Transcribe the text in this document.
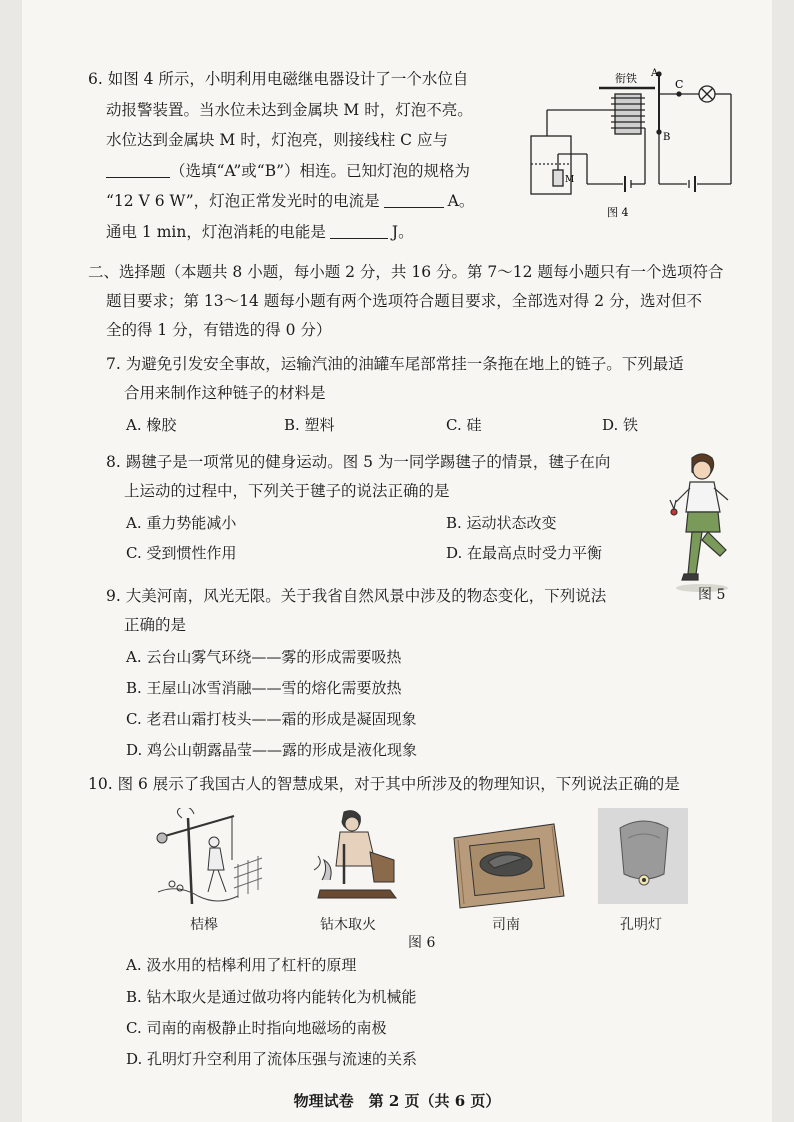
6. 如图 4 所示，小明利用电磁继电器设计了一个水位自
动报警装置。当水位未达到金属块 M 时，灯泡不亮。
水位达到金属块 M 时，灯泡亮，则接线柱 C 应与
（选填“A”或“B”）相连。已知灯泡的规格为
“12 V 6 W”，灯泡正常发光时的电流是	A。
通电 1 min，灯泡消耗的电能是	J。
衔铁 A
B
C
M
图 4
二、选择题（本题共 8 小题，每小题 2 分，共 16 分。第 7～12 题每小题只有一个选项符合
题目要求；第 13～14 题每小题有两个选项符合题目要求，全部选对得 2 分，选对但不
全的得 1 分，有错选的得 0 分）
7. 为避免引发安全事故，运输汽油的油罐车尾部常挂一条拖在地上的链子。下列最适
合用来制作这种链子的材料是
A. 橡胶	B. 塑料	C. 硅	D. 铁
8. 踢毽子是一项常见的健身运动。图 5 为一同学踢毽子的情景，毽子在向
上运动的过程中，下列关于毽子的说法正确的是
A. 重力势能减小	B. 运动状态改变
C. 受到惯性作用	D. 在最高点时受力平衡
图 5
9. 大美河南，风光无限。关于我省自然风景中涉及的物态变化，下列说法
正确的是
A. 云台山雾气环绕——雾的形成需要吸热
B. 王屋山冰雪消融——雪的熔化需要放热
C. 老君山霜打枝头——霜的形成是凝固现象
D. 鸡公山朝露晶莹——露的形成是液化现象
10. 图 6 展示了我国古人的智慧成果，对于其中所涉及的物理知识，下列说法正确的是
桔槔	钻木取火	司南	孔明灯
图 6
A. 汲水用的桔槔利用了杠杆的原理
B. 钻木取火是通过做功将内能转化为机械能
C. 司南的南极静止时指向地磁场的南极
D. 孔明灯升空利用了流体压强与流速的关系
物理试卷　第 2 页（共 6 页）
